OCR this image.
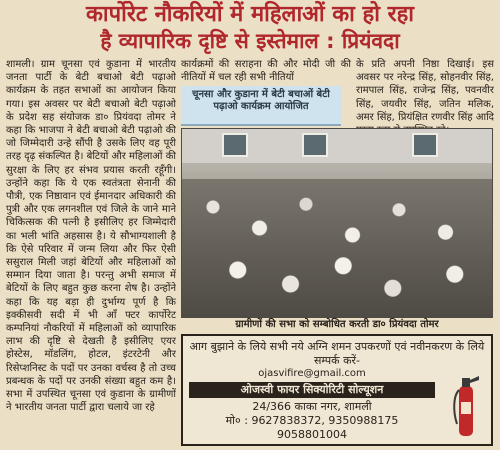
कार्पोरेट नौकरियों में महिलाओं का हो रहा
है व्यापारिक दृष्टि से इस्तेमाल : प्रियंवदा

शामली। ग्राम चूनसा एवं कुडाना में भारतीय जनता पार्टी के बेटी बचाओ बेटी पढ़ाओ कार्यक्रम के तहत सभाओं का आयोजन किया गया। इस अवसर पर बेटी बचाओ बेटी पढ़ाओ के प्रदेश सह संयोजक डा० प्रियंवदा तोमर ने कहा कि भाजपा ने बेटी बचाओ बेटी पढ़ाओ की जो जिम्मेदारी उन्हे सौंपी है उसके लिए वह पूरी तरह दृढ़ संकल्पित है। बेटियों और महिलाओं की सुरक्षा के लिए हर संभव प्रयास करती रहूँगी। उन्होंने कहा कि ये एक स्वतंत्रता सेनानी की पौत्री, एक निष्ठावान एवं ईमानदार अधिकारी की पुत्री और एक लगनशील एवं जिले के जाने माने चिकित्सक की पत्नी है इसीलिए हर जिम्मेदारी का भली भांति अहसास है। ये सौभाग्यशाली है कि ऐसे परिवार में जन्म लिया और फिर ऐसी ससुराल मिली जहां बेटियों और महिलाओं को सम्मान दिया जाता है। परन्तु अभी समाज में बेटियों के लिए बहुत कुछ करना शेष है। उन्होंने कहा कि यह बड़ा ही दुर्भाग्य पूर्ण है कि इक्कीसवी सदी में भी आँ फ्टर कार्पोरेट कम्पनियां नौकरियों में महिलाओं को व्यापारिक लाभ की दृष्टि से देखती है इसीलिए एयर होस्टेस, मॉडलिंग, होटल, इंटरटेनी और रिसेप्शनिस्ट के पदों पर उनका वर्चस्व है तो उच्च प्रबन्धक के पदों पर उनकी संख्या बहुत कम है। सभा में उपस्थित चूनसा एवं कुडाना के ग्रामीणों ने भारतीय जनता पार्टी द्वारा चलाये जा रहे

कार्यक्रमों की सराहना की और मोदी जी की नीतियों में चल रही सभी नीतियों

के प्रति अपनी निष्ठा दिखाई। इस अवसर पर नरेन्द्र सिंह, सोहनवीर सिंह, रामपाल सिंह, राजेन्द्र सिंह, पवनवीर सिंह, जयवीर सिंह, जतिन मलिक, अमर सिंह, प्रियंक्षित रणवीर सिंह आदि

चूनसा और कुडाना में बेटी बचाओं बेटी पढ़ाओ कार्यक्रम आयोजित
ग्रामीणों की सभा को सम्बोधित करती डा० प्रियंवदा तोमर
आग बुझाने के लिये सभी नये अग्नि शमन उपकरणों एवं नवीनकरण के लिये सम्पर्क करें-
ojasvifire@gmail.com
ओजस्वी फायर सिक्योरिटी सोल्यूशन
24/366 काका नगर, शामली
मो० : 9627838372, 9350988175
9058801004
